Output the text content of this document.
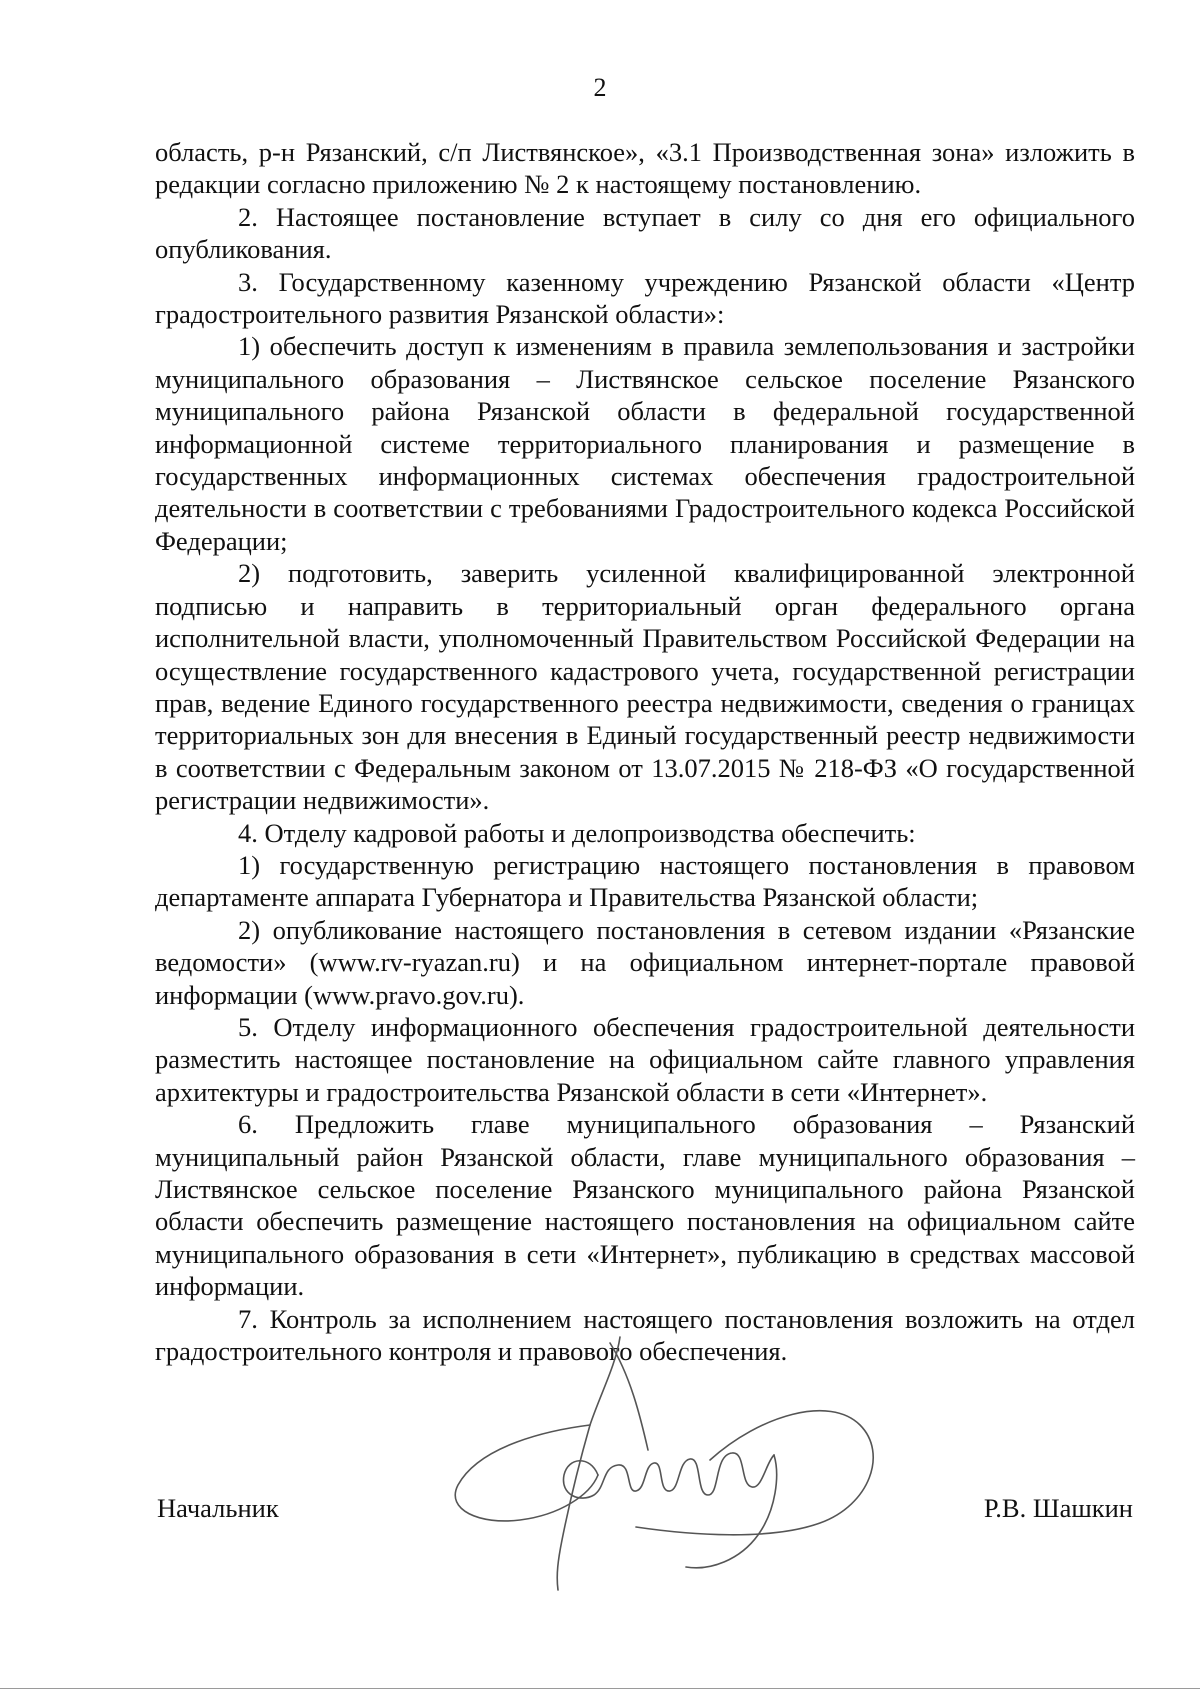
2

область, р-н Рязанский, с/п Листвянское», «3.1 Производственная зона» изложить в редакции согласно приложению № 2 к настоящему постановлению.

2. Настоящее постановление вступает в силу со дня его официального опубликования.

3. Государственному казенному учреждению Рязанской области «Центр градостроительного развития Рязанской области»:

1) обеспечить доступ к изменениям в правила землепользования и застройки муниципального образования – Листвянское сельское поселение Рязанского муниципального района Рязанской области в федеральной государственной информационной системе территориального планирования и размещение в государственных информационных системах обеспечения градостроительной деятельности в соответствии с требованиями Градостроительного кодекса Российской Федерации;

2) подготовить, заверить усиленной квалифицированной электронной подписью и направить в территориальный орган федерального органа исполнительной власти, уполномоченный Правительством Российской Федерации на осуществление государственного кадастрового учета, государственной регистрации прав, ведение Единого государственного реестра недвижимости, сведения о границах территориальных зон для внесения в Единый государственный реестр недвижимости в соответствии с Федеральным законом от 13.07.2015 № 218-ФЗ «О государственной регистрации недвижимости».

4. Отделу кадровой работы и делопроизводства обеспечить:

1) государственную регистрацию настоящего постановления в правовом департаменте аппарата Губернатора и Правительства Рязанской области;

2) опубликование настоящего постановления в сетевом издании «Рязанские ведомости» (www.rv-ryazan.ru) и на официальном интернет-портале правовой информации (www.pravo.gov.ru).

5. Отделу информационного обеспечения градостроительной деятельности разместить настоящее постановление на официальном сайте главного управления архитектуры и градостроительства Рязанской области в сети «Интернет».

6. Предложить главе муниципального образования – Рязанский муниципальный район Рязанской области, главе муниципального образования – Листвянское сельское поселение Рязанского муниципального района Рязанской области обеспечить размещение настоящего постановления на официальном сайте муниципального образования в сети «Интернет», публикацию в средствах массовой информации.

7. Контроль за исполнением настоящего постановления возложить на отдел градостроительного контроля и правового обеспечения.

Начальник	Р.В. Шашкин
